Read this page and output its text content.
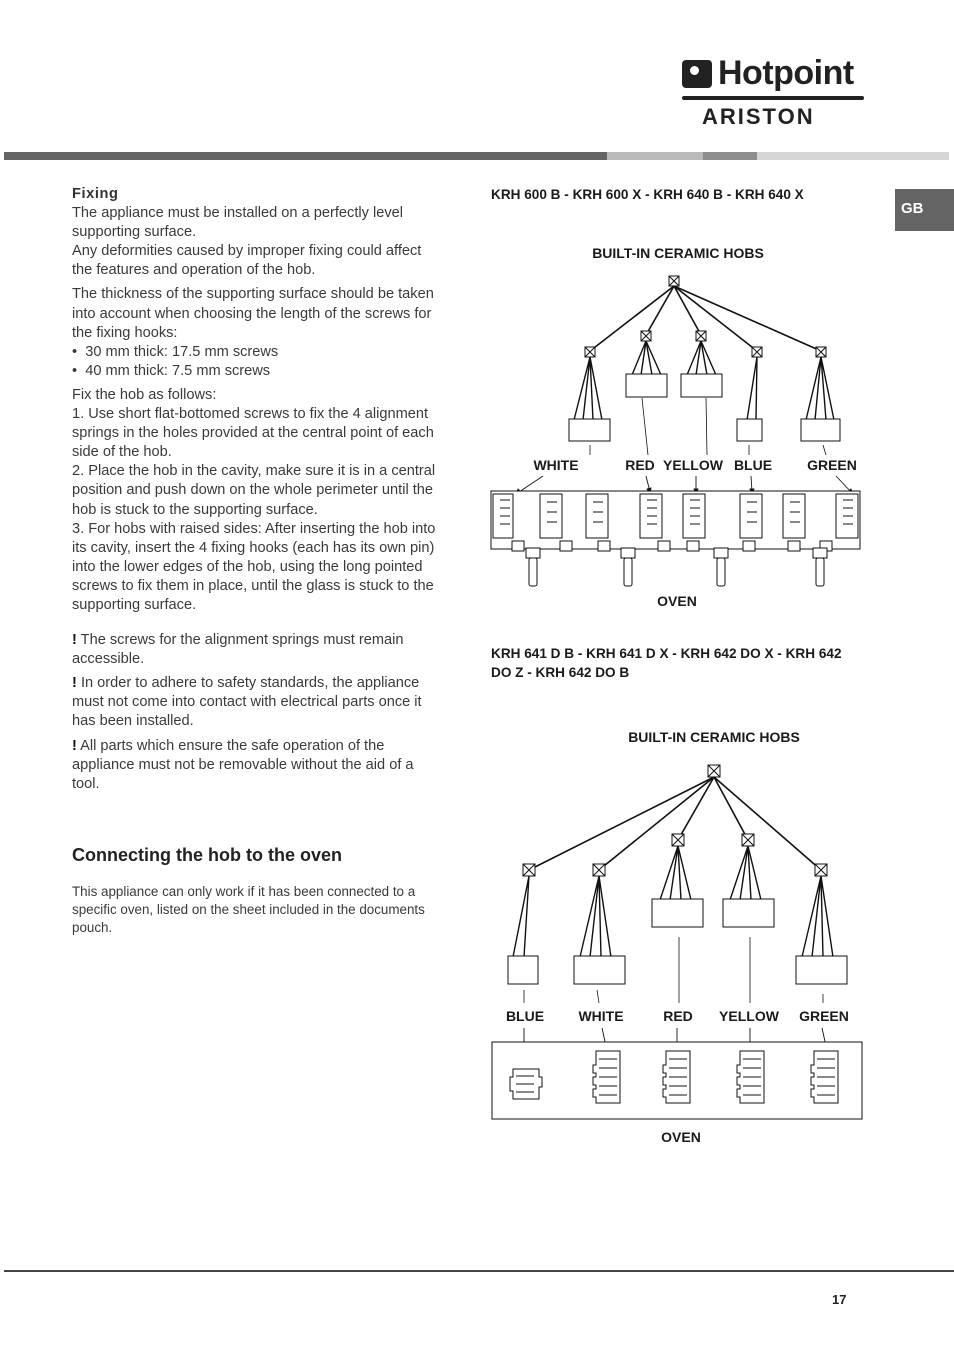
Hotpoint
ARISTON
GB

Fixing

The appliance must be installed on a perfectly level supporting surface.

Any deformities caused by improper fixing could affect the features and operation of the hob.

The thickness of the supporting surface should be taken into account when choosing the length of the screws for the fixing hooks:

•  30 mm thick: 17.5 mm screws

•  40 mm thick: 7.5 mm screws

Fix the hob as follows:

1. Use short flat-bottomed screws to fix the 4 alignment springs in the holes provided at the central point of each side of the hob.

2. Place the hob in the cavity, make sure it is in a central position and push down on the whole perimeter until the hob is stuck to the supporting surface.

3. For hobs with raised sides: After inserting the hob into its cavity, insert the 4 fixing hooks (each has its own pin) into the lower edges of the hob, using the long pointed screws to fix them in place, until the glass is stuck to the supporting surface.

! The screws for the alignment springs must remain accessible.

! In order to adhere to safety standards, the appliance must not come into contact with electrical parts once it has been installed.

! All parts which ensure the safe operation of the appliance must not be removable without the aid of a tool.

Connecting the hob to the oven

This appliance can only work if it has been connected to a specific oven, listed on the sheet included in the documents pouch.

KRH 600 B - KRH 600 X - KRH 640 B - KRH 640 X
BUILT-IN CERAMIC HOBS
WHITE	RED YELLOW BLUE	GREEN
OVEN
KRH 641 D B - KRH 641 D X - KRH 642 DO X - KRH 642 DO Z - KRH 642 DO B
BUILT-IN CERAMIC HOBS
BLUE WHITE	RED YELLOW GREEN
OVEN
17
